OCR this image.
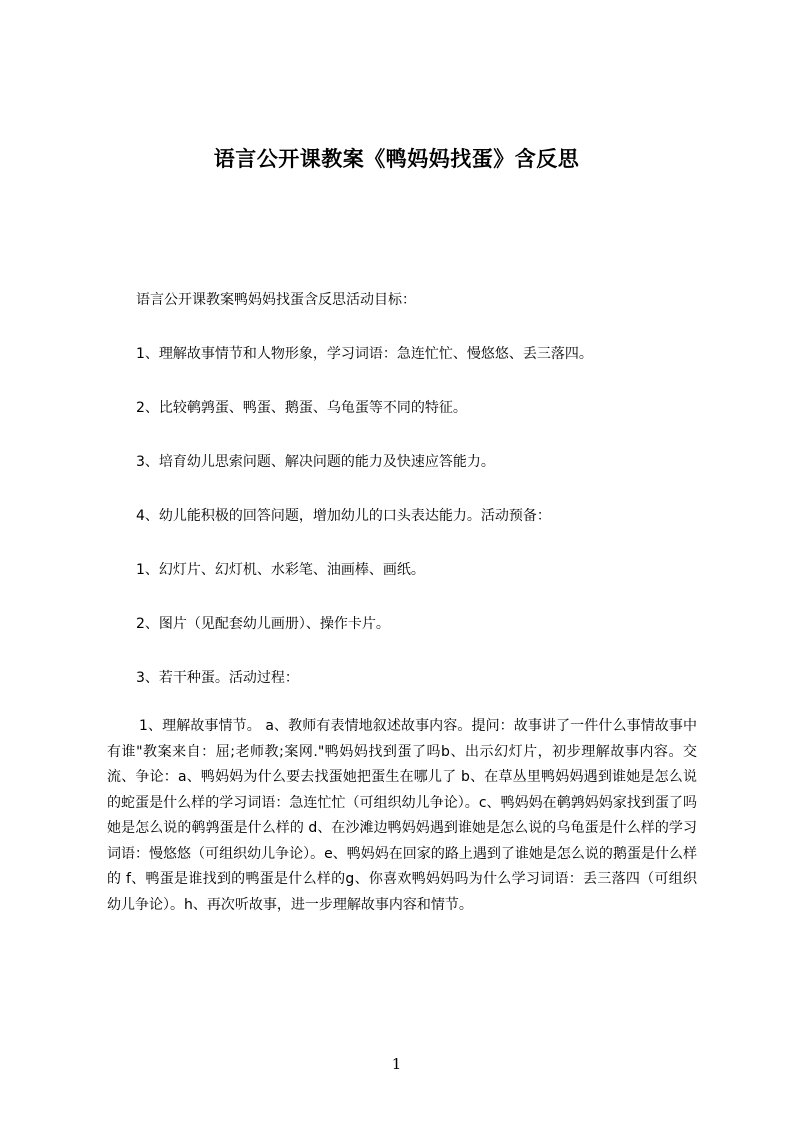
语言公开课教案《鸭妈妈找蛋》含反思
语言公开课教案鸭妈妈找蛋含反思活动目标：
1、理解故事情节和人物形象，学习词语：急连忙忙、慢悠悠、丢三落四。
2、比较鹌鹑蛋、鸭蛋、鹅蛋、乌龟蛋等不同的特征。
3、培育幼儿思索问题、解决问题的能力及快速应答能力。
4、幼儿能积极的回答问题，增加幼儿的口头表达能力。活动预备：
1、幻灯片、幻灯机、水彩笔、油画棒、画纸。
2、图片（见配套幼儿画册）、操作卡片。
3、若干种蛋。活动过程：
1、理解故事情节。 a、教师有表情地叙述故事内容。提问：故事讲了一件什么事情故事中有谁"教案来自：屈;老师教;案网."鸭妈妈找到蛋了吗b、出示幻灯片，初步理解故事内容。交流、争论：a、鸭妈妈为什么要去找蛋她把蛋生在哪儿了 b、在草丛里鸭妈妈遇到谁她是怎么说的蛇蛋是什么样的学习词语：急连忙忙（可组织幼儿争论）。c、鸭妈妈在鹌鹑妈妈家找到蛋了吗她是怎么说的鹌鹑蛋是什么样的 d、在沙滩边鸭妈妈遇到谁她是怎么说的乌龟蛋是什么样的学习词语：慢悠悠（可组织幼儿争论）。e、鸭妈妈在回家的路上遇到了谁她是怎么说的鹅蛋是什么样的 f、鸭蛋是谁找到的鸭蛋是什么样的g、你喜欢鸭妈妈吗为什么学习词语：丢三落四（可组织幼儿争论）。h、再次听故事，进一步理解故事内容和情节。
1
